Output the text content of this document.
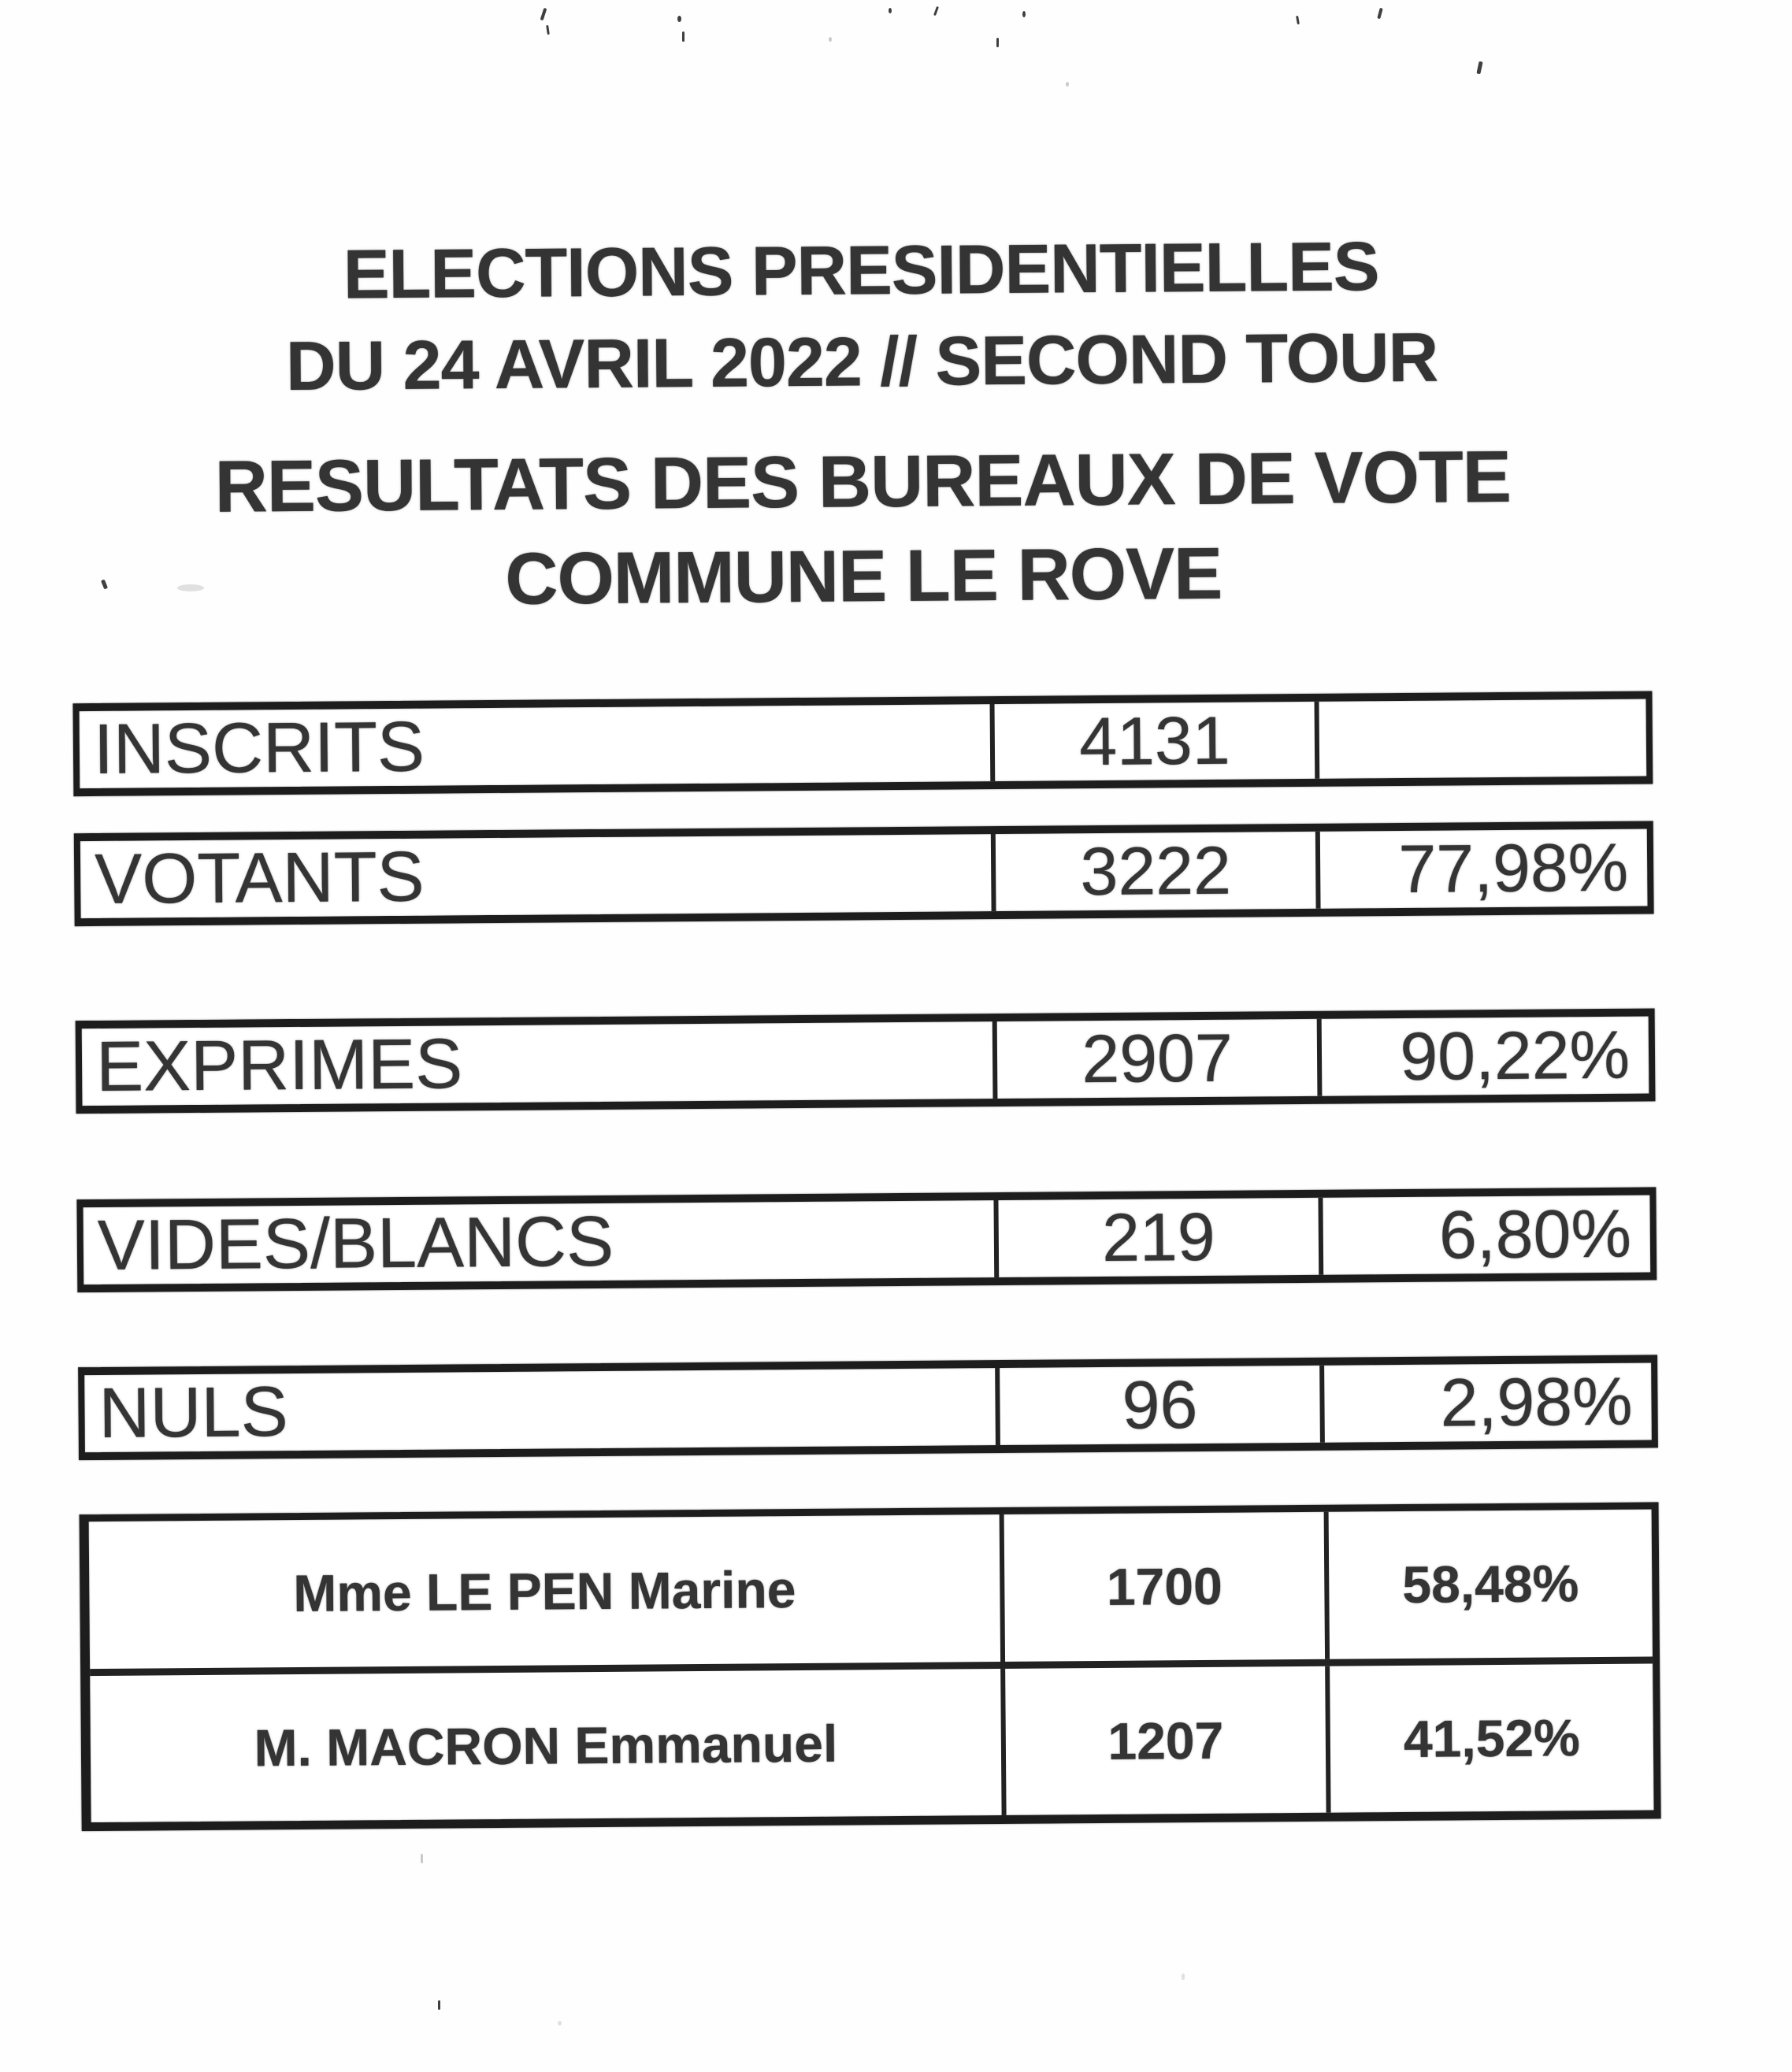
ELECTIONS PRESIDENTIELLES
DU 24 AVRIL 2022 // SECOND TOUR
RESULTATS DES BUREAUX DE VOTE
COMMUNE LE ROVE
INSCRITS	4131
VOTANTS	3222	77,98%
EXPRIMES	2907	90,22%
VIDES/BLANCS	219	6,80%
NULS	96	2,98%
Mme LE PEN Marine	1700	58,48%
M. MACRON Emmanuel	1207	41,52%
